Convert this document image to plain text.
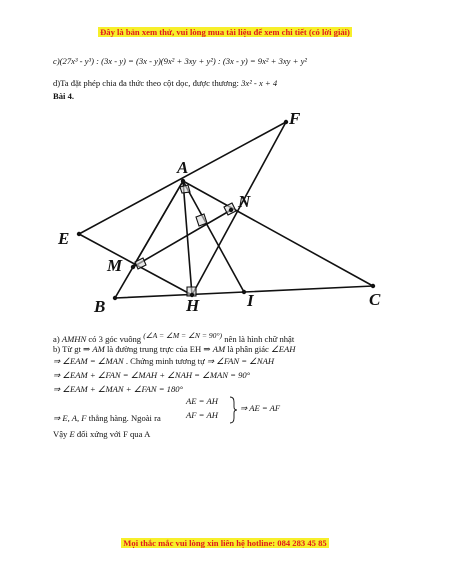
Đây là bản xem thử, vui lòng mua tài liệu để xem chi tiết (có lời giải)
c)(27x³ - y³) : (3x - y) = (3x - y)(9x² + 3xy + y²) : (3x - y) = 9x² + 3xy + y²
d)Ta đặt phép chia đa thức theo cột dọc, được thương: 3x² - x + 4
Bài 4.
A
B	C
E
F
H	I
M
N
a) AMHN có 3 góc vuông (∠A = ∠M = ∠N = 90°) nên là hình chữ nhật
b) Từ gt ⇒ AM là đường trung trực của EH ⇒ AM là phân giác ∠EAH
⇒ ∠EAM = ∠MAN . Chứng minh tương tự ⇒ ∠FAN = ∠NAH
⇒ ∠EAM + ∠FAN = ∠MAH + ∠NAH = ∠MAN = 90°
⇒ ∠EAM + ∠MAN + ∠FAN = 180°
AE = AH
AF = AH
⇒ AE = AF
⇒ E, A, F thẳng hàng. Ngoài ra
Vậy E đối xứng với F qua A
Mọi thắc mắc vui lòng xin liên hệ hotline: 084 283 45 85
